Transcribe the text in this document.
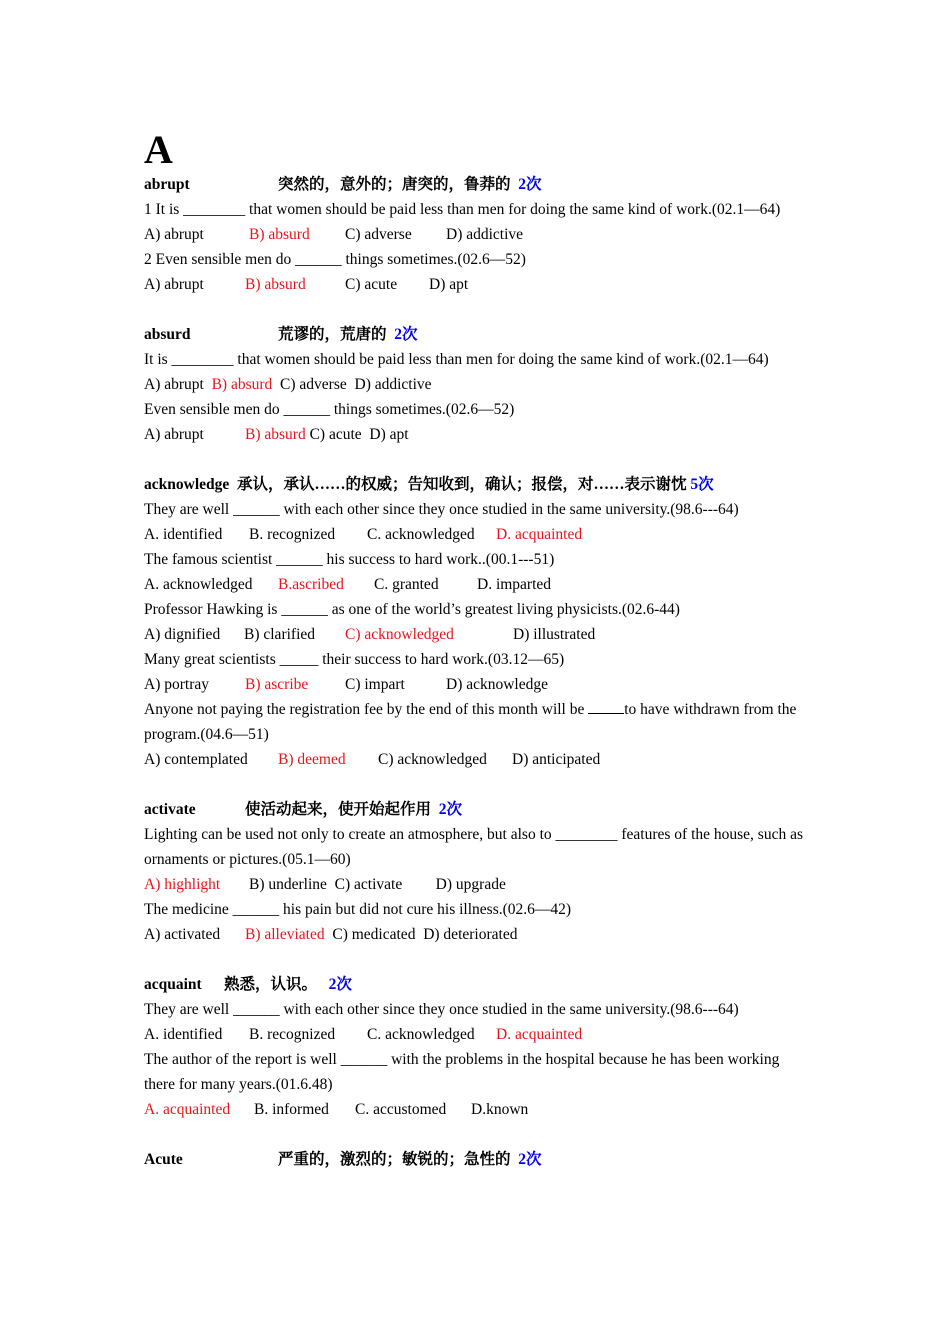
A
abrupt	突然的，意外的；唐突的，鲁莽的 2次
1 It is ________ that women should be paid less than men for doing the same kind of work.(02.1—64)
A) abrupt	B) absurd C) adverse D) addictive
2 Even sensible men do ______ things sometimes.(02.6—52)
A) abrupt	B) absurd	C) acute D) apt
absurd	荒谬的，荒唐的 2次
It is ________ that women should be paid less than men for doing the same kind of work.(02.1—64)
A) abrupt B) absurd C) adverse D) addictive
Even sensible men do ______ things sometimes.(02.6—52)
A) abrupt	B) absurd C) acute D) apt
acknowledge 承认，承认……的权威；告知收到，确认；报偿，对……表示谢忱 5次
They are well ______ with each other since they once studied in the same university.(98.6---64)
A. identified B. recognized C. acknowledged D. acquainted
The famous scientist ______ his success to hard work..(00.1---51)
A. acknowledged B.ascribed C. granted D. imparted
Professor Hawking is ______ as one of the world’s greatest living physicists.(02.6-44)
A) dignified B) clarified C) acknowledged	D) illustrated
Many great scientists _____ their success to hard work.(03.12—65)
A) portray B) ascribe C) impart	D) acknowledge
Anyone not paying the registration fee by the end of this month will be to have withdrawn from the program.(04.6—51)
A) contemplated B) deemed C) acknowledged D) anticipated
activate	使活动起来，使开始起作用 2次
Lighting can be used not only to create an atmosphere, but also to ________ features of the house, such as ornaments or pictures.(05.1—60)
A) highlight B) underline C) activate D) upgrade
The medicine ______ his pain but did not cure his illness.(02.6—42)
A) activated B) alleviated C) medicated D) deteriorated
acquaint 熟悉，认识。 2次
They are well ______ with each other since they once studied in the same university.(98.6---64)
A. identified B. recognized C. acknowledged D. acquainted
The author of the report is well ______ with the problems in the hospital because he has been working there for many years.(01.6.48)
A. acquainted B. informed C. accustomed D.known
Acute	严重的，激烈的；敏锐的；急性的 2次
